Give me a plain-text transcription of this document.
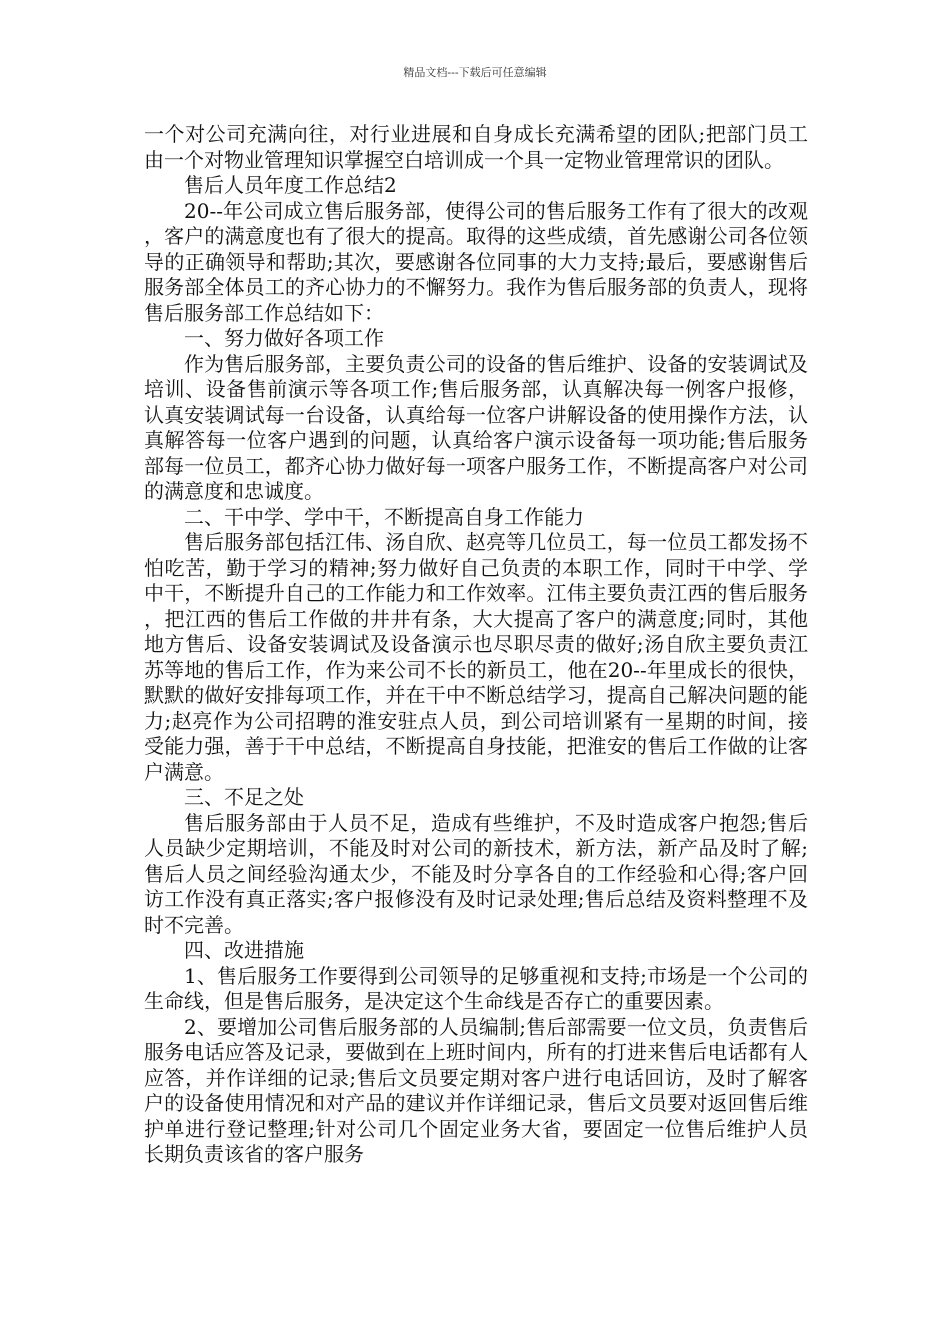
精品文档---下载后可任意编辑

一个对公司充满向往，对行业进展和自身成长充满希望的团队;把部门员工由一个对物业管理知识掌握空白培训成一个具一定物业管理常识的团队。

售后人员年度工作总结2

20--年公司成立售后服务部，使得公司的售后服务工作有了很大的改观，客户的满意度也有了很大的提高。取得的这些成绩，首先感谢公司各位领导的正确领导和帮助;其次，要感谢各位同事的大力支持;最后，要感谢售后服务部全体员工的齐心协力的不懈努力。我作为售后服务部的负责人，现将售后服务部工作总结如下：

一、努力做好各项工作

作为售后服务部，主要负责公司的设备的售后维护、设备的安装调试及培训、设备售前演示等各项工作;售后服务部，认真解决每一例客户报修，认真安装调试每一台设备，认真给每一位客户讲解设备的使用操作方法，认真解答每一位客户遇到的问题，认真给客户演示设备每一项功能;售后服务部每一位员工，都齐心协力做好每一项客户服务工作，不断提高客户对公司的满意度和忠诚度。

二、干中学、学中干，不断提高自身工作能力

售后服务部包括江伟、汤自欣、赵亮等几位员工，每一位员工都发扬不怕吃苦，勤于学习的精神;努力做好自己负责的本职工作，同时干中学、学中干，不断提升自己的工作能力和工作效率。江伟主要负责江西的售后服务，把江西的售后工作做的井井有条，大大提高了客户的满意度;同时，其他地方售后、设备安装调试及设备演示也尽职尽责的做好;汤自欣主要负责江苏等地的售后工作，作为来公司不长的新员工，他在20--年里成长的很快，默默的做好安排每项工作，并在干中不断总结学习，提高自己解决问题的能力;赵亮作为公司招聘的淮安驻点人员，到公司培训紧有一星期的时间，接受能力强，善于干中总结，不断提高自身技能，把淮安的售后工作做的让客户满意。

三、不足之处

售后服务部由于人员不足，造成有些维护，不及时造成客户抱怨;售后人员缺少定期培训，不能及时对公司的新技术，新方法，新产品及时了解;售后人员之间经验沟通太少，不能及时分享各自的工作经验和心得;客户回访工作没有真正落实;客户报修没有及时记录处理;售后总结及资料整理不及时不完善。

四、改进措施

1、售后服务工作要得到公司领导的足够重视和支持;市场是一个公司的生命线，但是售后服务，是决定这个生命线是否存亡的重要因素。

2、要增加公司售后服务部的人员编制;售后部需要一位文员，负责售后服务电话应答及记录，要做到在上班时间内，所有的打进来售后电话都有人应答，并作详细的记录;售后文员要定期对客户进行电话回访，及时了解客户的设备使用情况和对产品的建议并作详细记录，售后文员要对返回售后维护单进行登记整理;针对公司几个固定业务大省，要固定一位售后维护人员长期负责该省的客户服务
